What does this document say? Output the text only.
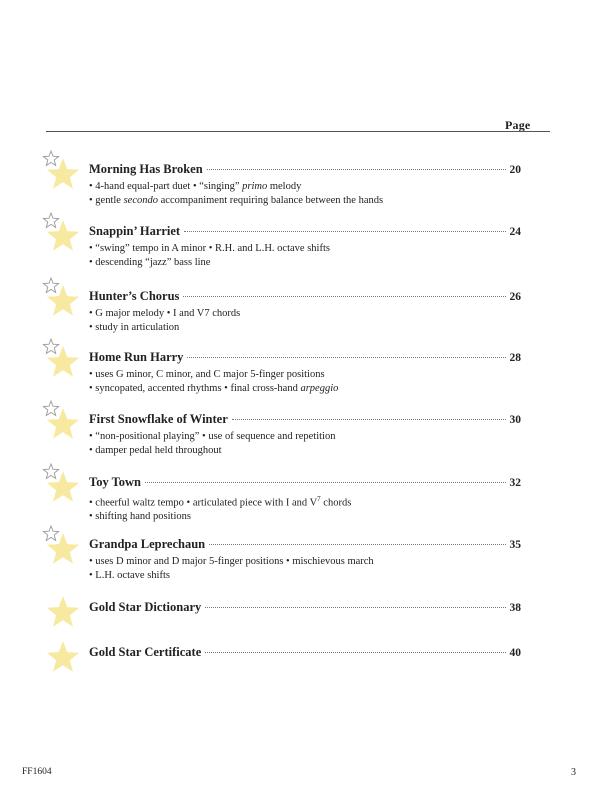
Page
Morning Has Broken	20
• 4-hand equal-part duet • “singing” primo melody
• gentle secondo accompaniment requiring balance between the hands
Snappin’ Harriet	24
• “swing” tempo in A minor • R.H. and L.H. octave shifts
• descending “jazz” bass line
Hunter’s Chorus	26
• G major melody • I and V7 chords
• study in articulation
Home Run Harry	28
• uses G minor, C minor, and C major 5-finger positions
• syncopated, accented rhythms • final cross-hand arpeggio
First Snowflake of Winter	30
• “non-positional playing” • use of sequence and repetition
• damper pedal held throughout
Toy Town	32
• cheerful waltz tempo • articulated piece with I and $V^7$ chords
• shifting hand positions
Grandpa Leprechaun	35
• uses D minor and D major 5-finger positions • mischievous march
• L.H. octave shifts
Gold Star Dictionary	38
Gold Star Certificate	40
FF1604	3
